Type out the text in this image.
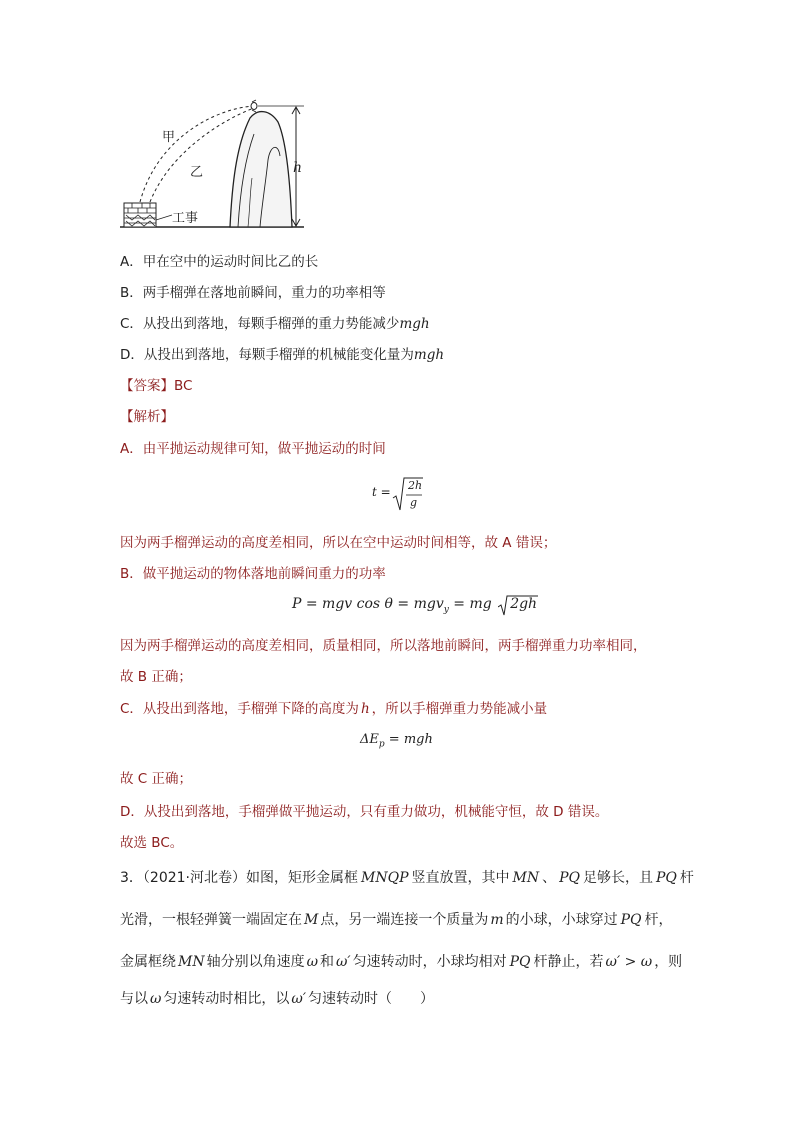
甲
乙
工事
h
A．甲在空中的运动时间比乙的长
B．两手榴弹在落地前瞬间，重力的功率相等
C．从投出到落地，每颗手榴弹的重力势能减少mgh
D．从投出到落地，每颗手榴弹的机械能变化量为mgh
【答案】BC
【解析】
A．由平抛运动规律可知，做平抛运动的时间
t = 2h
g
因为两手榴弹运动的高度差相同，所以在空中运动时间相等，故 A 错误；
B．做平抛运动的物体落地前瞬间重力的功率
P = mgv cos θ = mgv$_y$ = mg 2gh
因为两手榴弹运动的高度差相同，质量相同，所以落地前瞬间，两手榴弹重力功率相同，
故 B 正确；
C．从投出到落地，手榴弹下降的高度为 h ，所以手榴弹重力势能减小量
$\Delta E_p$ = mgh
故 C 正确；
D．从投出到落地，手榴弹做平抛运动，只有重力做功，机械能守恒，故 D 错误。
故选 BC。
3．（2021·河北卷）如图，矩形金属框 MNQP 竖直放置，其中 MN 、 PQ 足够长，且 PQ 杆
光滑，一根轻弹簧一端固定在 M 点，另一端连接一个质量为 m 的小球，小球穿过 PQ 杆，
金属框绕 MN 轴分别以角速度 ω 和 ω′ 匀速转动时，小球均相对 PQ 杆静止，若 ω′ > ω ，则
与以 ω 匀速转动时相比，以 ω′ 匀速转动时（　　）
